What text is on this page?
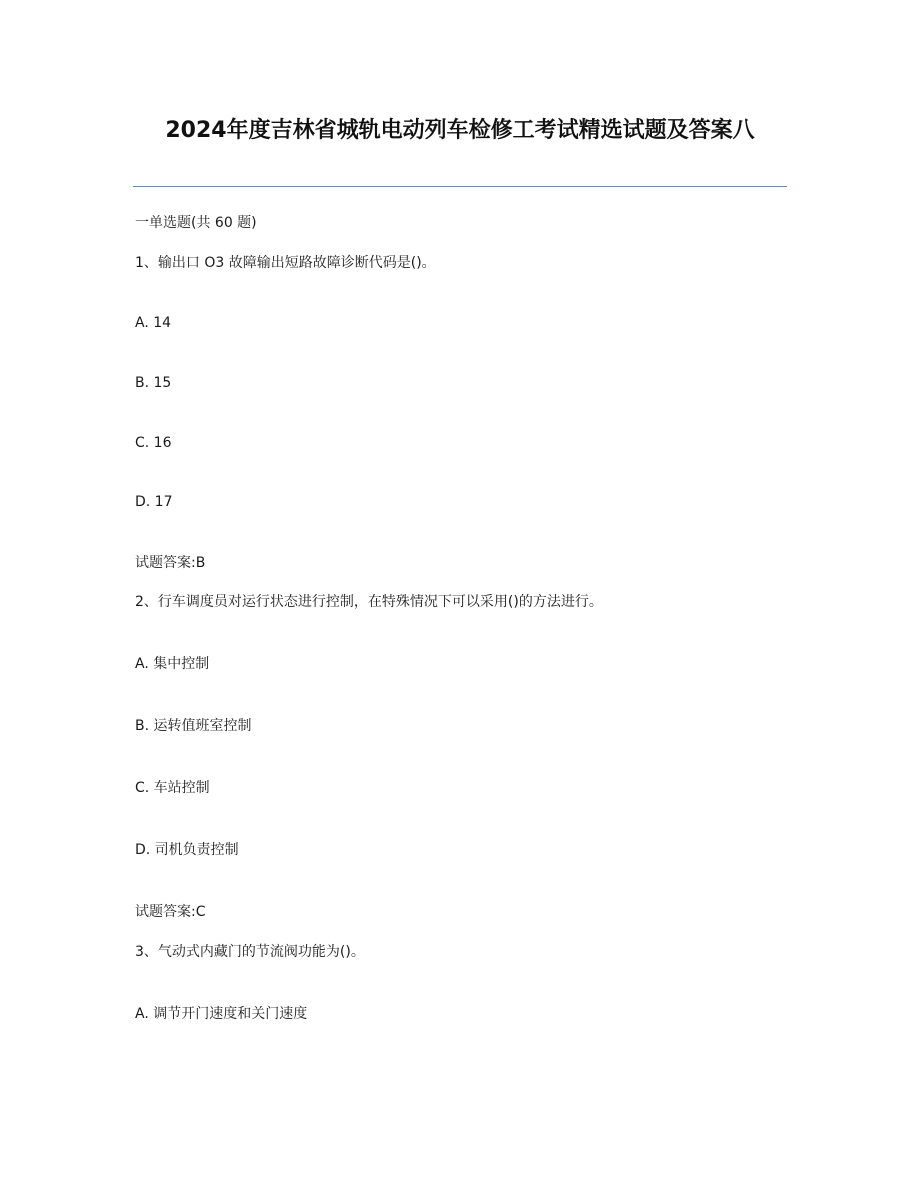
2024年度吉林省城轨电动列车检修工考试精选试题及答案八
一单选题(共 60 题)
1、输出口 O3 故障输出短路故障诊断代码是()。
A. 14
B. 15
C. 16
D. 17
试题答案:B
2、行车调度员对运行状态进行控制，在特殊情况下可以采用()的方法进行。
A. 集中控制
B. 运转值班室控制
C. 车站控制
D. 司机负责控制
试题答案:C
3、气动式内藏门的节流阀功能为()。
A. 调节开门速度和关门速度
